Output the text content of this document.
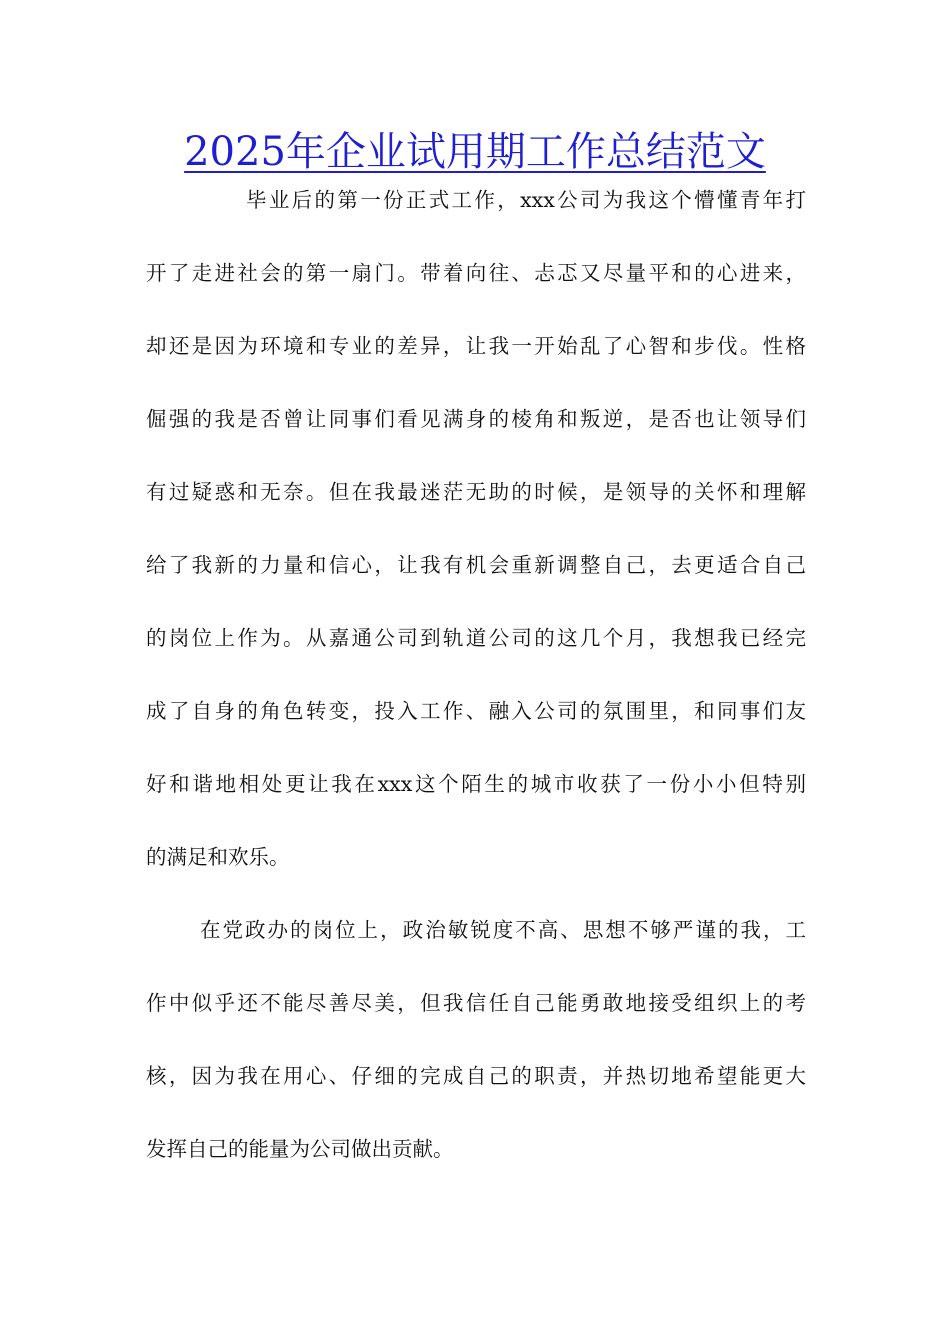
2025年企业试用期工作总结范文
毕业后的第一份正式工作，xxx公司为我这个懵懂青年打
开了走进社会的第一扇门。带着向往、忐忑又尽量平和的心进来，
却还是因为环境和专业的差异，让我一开始乱了心智和步伐。性格
倔强的我是否曾让同事们看见满身的棱角和叛逆，是否也让领导们
有过疑惑和无奈。但在我最迷茫无助的时候，是领导的关怀和理解
给了我新的力量和信心，让我有机会重新调整自己，去更适合自己
的岗位上作为。从嘉通公司到轨道公司的这几个月，我想我已经完
成了自身的角色转变，投入工作、融入公司的氛围里，和同事们友
好和谐地相处更让我在xxx这个陌生的城市收获了一份小小但特别
的满足和欢乐。
在党政办的岗位上，政治敏锐度不高、思想不够严谨的我，工
作中似乎还不能尽善尽美，但我信任自己能勇敢地接受组织上的考
核，因为我在用心、仔细的完成自己的职责，并热切地希望能更大
发挥自己的能量为公司做出贡献。
